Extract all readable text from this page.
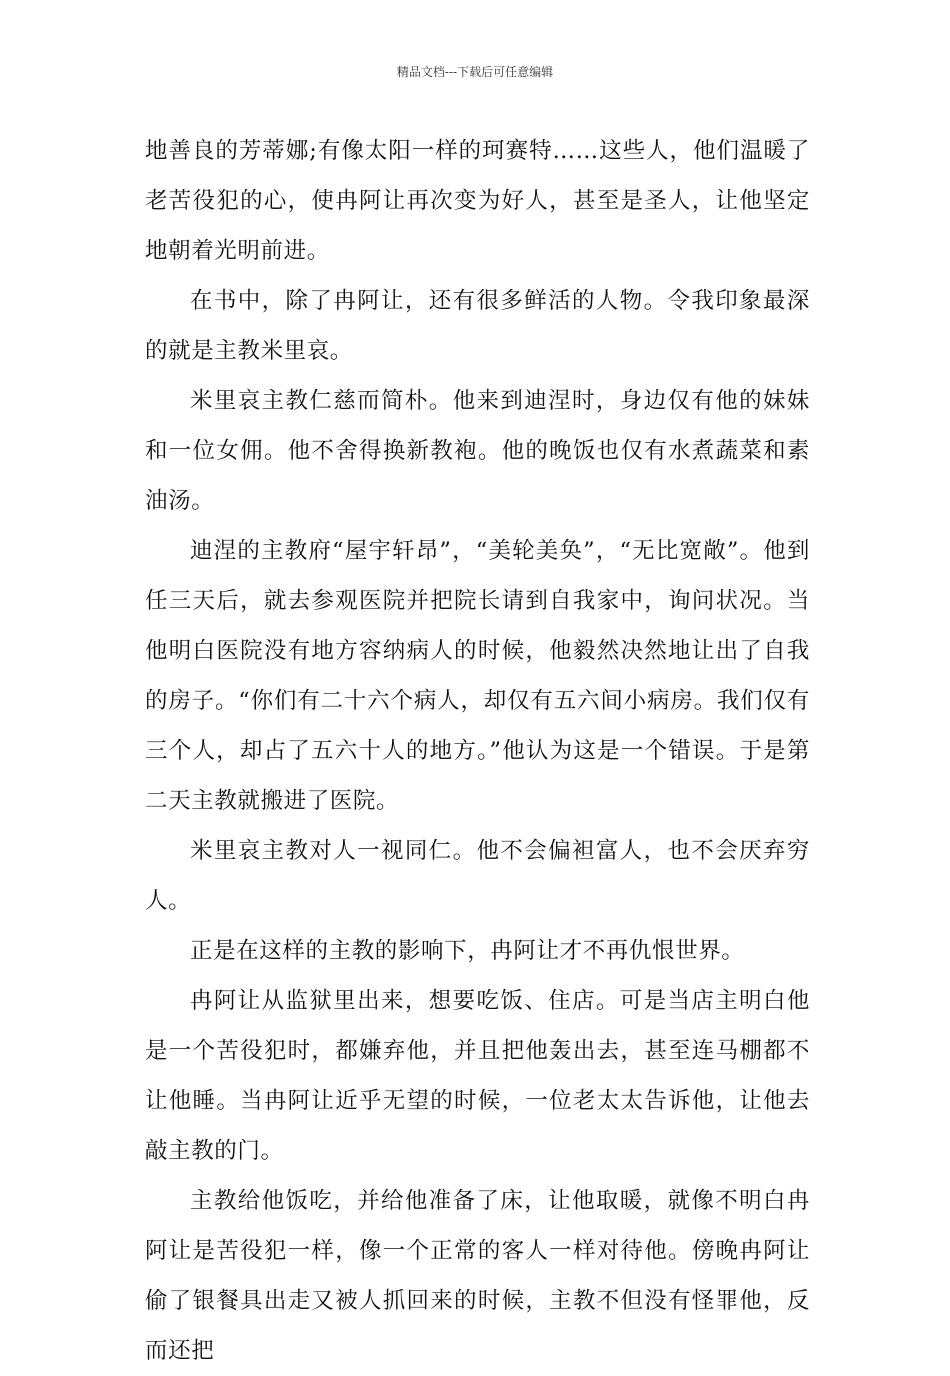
精品文档---下载后可任意编辑

地善良的芳蒂娜;有像太阳一样的珂赛特……这些人，他们温暖了老苦役犯的心，使冉阿让再次变为好人，甚至是圣人，让他坚定地朝着光明前进。

在书中，除了冉阿让，还有很多鲜活的人物。令我印象最深的就是主教米里哀。

米里哀主教仁慈而简朴。他来到迪涅时，身边仅有他的妹妹和一位女佣。他不舍得换新教袍。他的晚饭也仅有水煮蔬菜和素油汤。

迪涅的主教府“屋宇轩昂”，“美轮美奂”，“无比宽敞”。他到任三天后，就去参观医院并把院长请到自我家中，询问状况。当他明白医院没有地方容纳病人的时候，他毅然决然地让出了自我的房子。“你们有二十六个病人，却仅有五六间小病房。我们仅有三个人，却占了五六十人的地方。”他认为这是一个错误。于是第二天主教就搬进了医院。

米里哀主教对人一视同仁。他不会偏袒富人，也不会厌弃穷人。

正是在这样的主教的影响下，冉阿让才不再仇恨世界。

冉阿让从监狱里出来，想要吃饭、住店。可是当店主明白他是一个苦役犯时，都嫌弃他，并且把他轰出去，甚至连马棚都不让他睡。当冉阿让近乎无望的时候，一位老太太告诉他，让他去敲主教的门。

主教给他饭吃，并给他准备了床，让他取暖，就像不明白冉阿让是苦役犯一样，像一个正常的客人一样对待他。傍晚冉阿让偷了银餐具出走又被人抓回来的时候，主教不但没有怪罪他，反而还把
